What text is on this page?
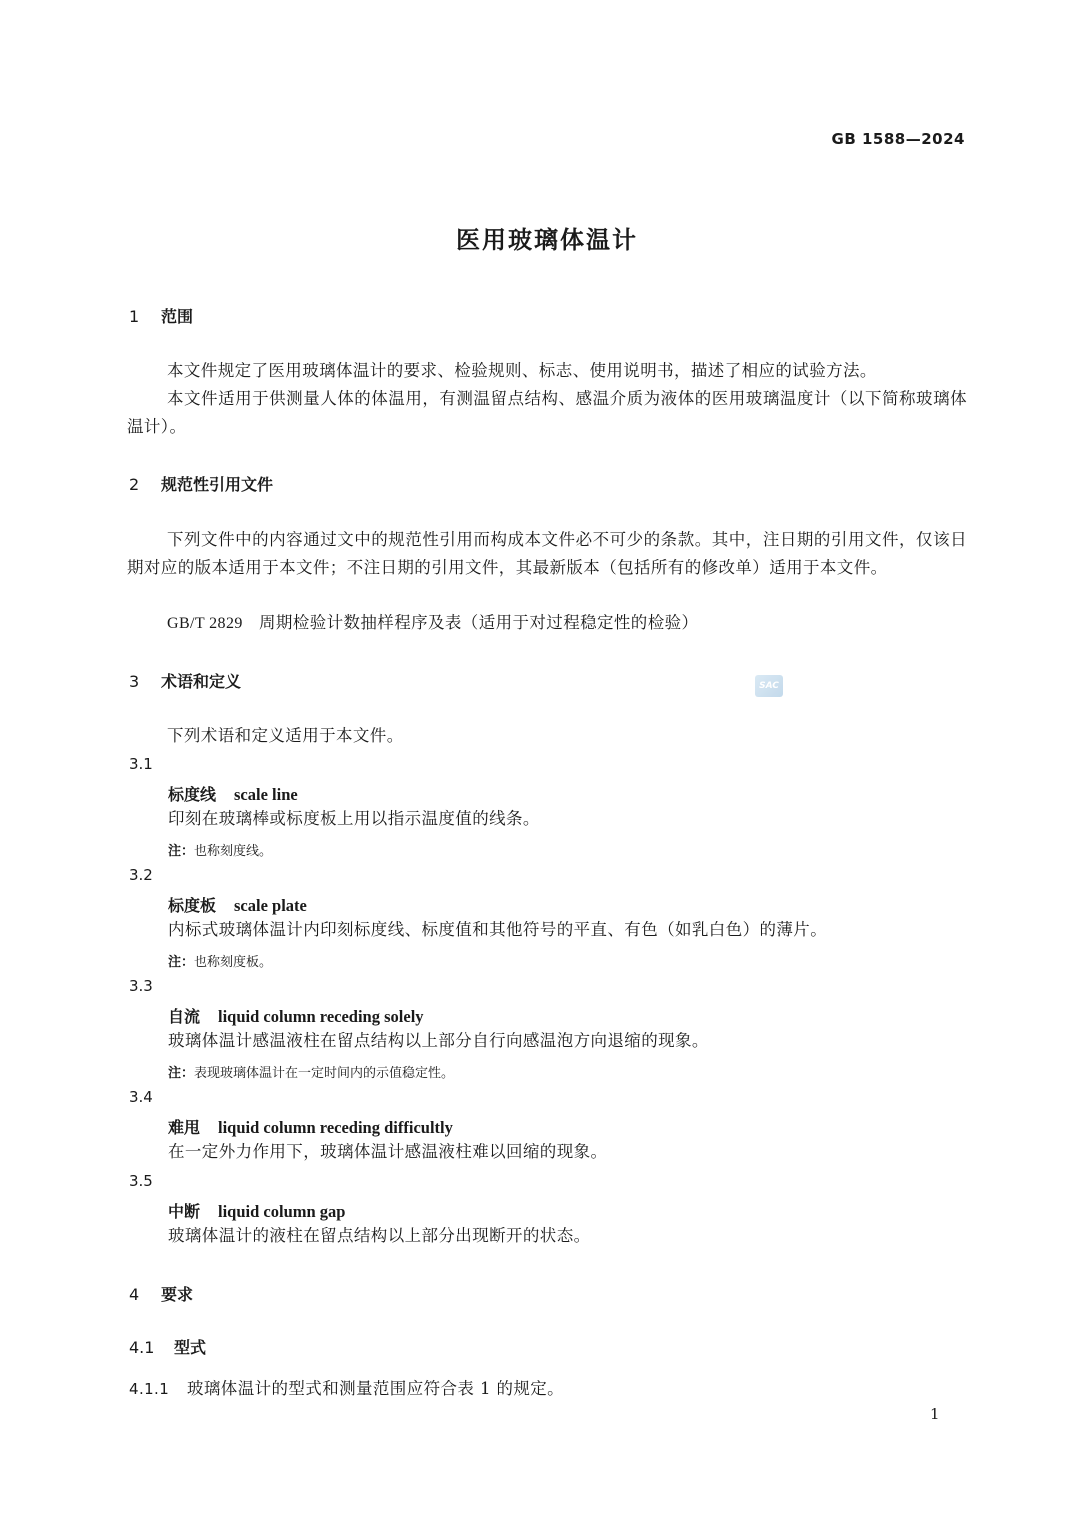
GB 1588—2024
医用玻璃体温计
1 范围
本文件规定了医用玻璃体温计的要求、检验规则、标志、使用说明书，描述了相应的试验方法。
本文件适用于供测量人体的体温用，有测温留点结构、感温介质为液体的医用玻璃温度计（以下简称玻璃体温计）。
2 规范性引用文件
下列文件中的内容通过文中的规范性引用而构成本文件必不可少的条款。其中，注日期的引用文件，仅该日期对应的版本适用于本文件；不注日期的引用文件，其最新版本（包括所有的修改单）适用于本文件。
GB/T 2829 周期检验计数抽样程序及表（适用于对过程稳定性的检验）
3 术语和定义	SAC
下列术语和定义适用于本文件。
3.1
标度线 scale line
印刻在玻璃棒或标度板上用以指示温度值的线条。
注：也称刻度线。
3.2
标度板 scale plate
内标式玻璃体温计内印刻标度线、标度值和其他符号的平直、有色（如乳白色）的薄片。
注：也称刻度板。
3.3
自流 liquid column receding solely
玻璃体温计感温液柱在留点结构以上部分自行向感温泡方向退缩的现象。
注：表现玻璃体温计在一定时间内的示值稳定性。
3.4
难甩 liquid column receding difficultly
在一定外力作用下，玻璃体温计感温液柱难以回缩的现象。
3.5
中断 liquid column gap
玻璃体温计的液柱在留点结构以上部分出现断开的状态。
4 要求
4.1 型式
4.1.1 玻璃体温计的型式和测量范围应符合表 1 的规定。
1
